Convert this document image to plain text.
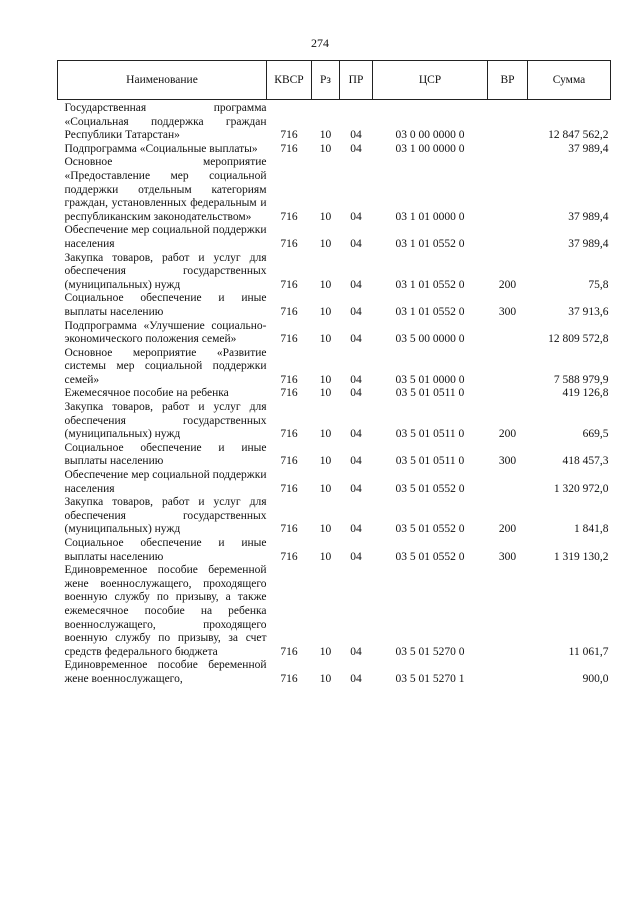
274
Наименование	КВСР	Рз	ПР	ЦСР	ВР	Сумма
Государственная программа «Социальная поддержка граждан Республики Татарстан»	716	10	04	03 0 00 0000 0		12 847 562,2
Подпрограмма «Социальные выплаты»	716	10	04	03 1 00 0000 0		37 989,4
Основное мероприятие «Предоставление мер социальной поддержки отдельным категориям граждан, установленных федеральным и республиканским законодательством»	716	10	04	03 1 01 0000 0		37 989,4
Обеспечение мер социальной поддержки населения	716	10	04	03 1 01 0552 0		37 989,4
Закупка товаров, работ и услуг для обеспечения государственных (муниципальных) нужд	716	10	04	03 1 01 0552 0	200	75,8
Социальное обеспечение и иные выплаты населению	716	10	04	03 1 01 0552 0	300	37 913,6
Подпрограмма «Улучшение социально-экономического положения семей»	716	10	04	03 5 00 0000 0		12 809 572,8
Основное мероприятие «Развитие системы мер социальной поддержки семей»	716	10	04	03 5 01 0000 0		7 588 979,9
Ежемесячное пособие на ребенка	716	10	04	03 5 01 0511 0		419 126,8
Закупка товаров, работ и услуг для обеспечения государственных (муниципальных) нужд	716	10	04	03 5 01 0511 0	200	669,5
Социальное обеспечение и иные выплаты населению	716	10	04	03 5 01 0511 0	300	418 457,3
Обеспечение мер социальной поддержки населения	716	10	04	03 5 01 0552 0		1 320 972,0
Закупка товаров, работ и услуг для обеспечения государственных (муниципальных) нужд	716	10	04	03 5 01 0552 0	200	1 841,8
Социальное обеспечение и иные выплаты населению	716	10	04	03 5 01 0552 0	300	1 319 130,2
Единовременное пособие беременной жене военнослужащего, проходящего военную службу по призыву, а также ежемесячное пособие на ребенка военнослужащего, проходящего военную службу по призыву, за счет средств федерального бюджета	716	10	04	03 5 01 5270 0		11 061,7
Единовременное пособие беременной жене военнослужащего,	716	10	04	03 5 01 5270 1		900,0
